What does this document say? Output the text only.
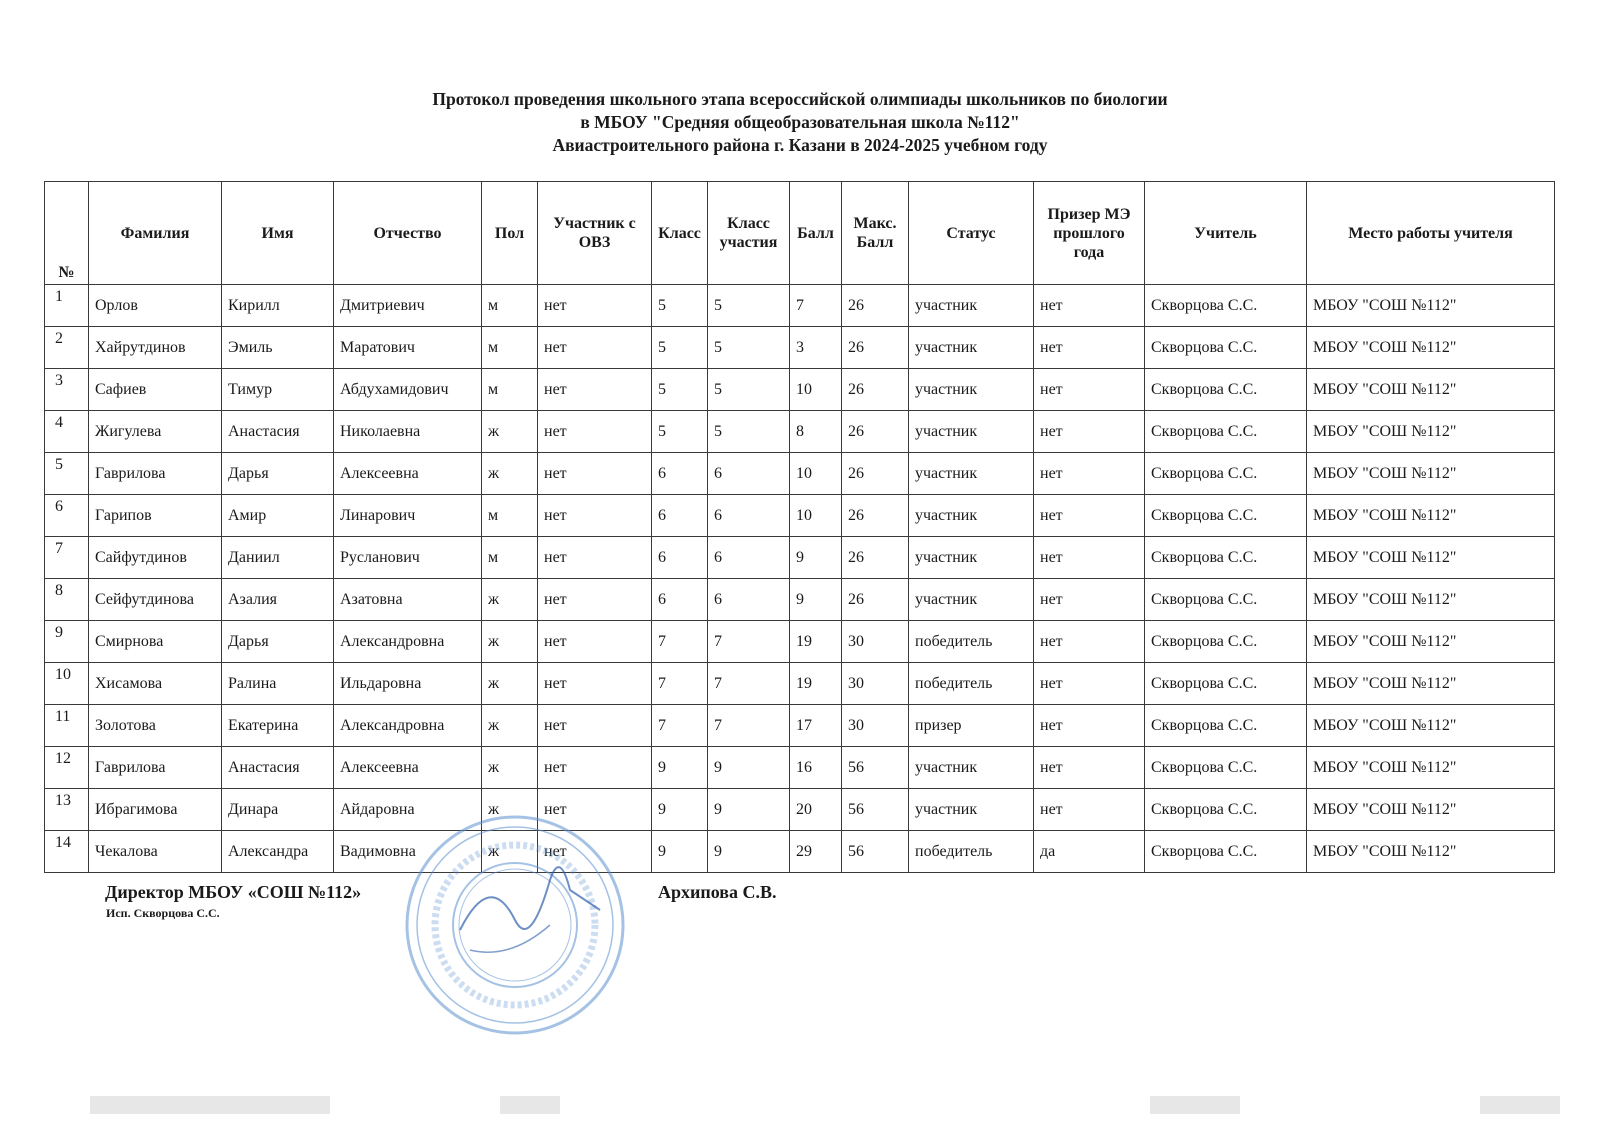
Протокол проведения школьного этапа всероссийской олимпиады школьников по биологии
в МБОУ "Средняя общеобразовательная школа №112"
Авиастроительного района г. Казани в 2024-2025 учебном году
№	Фамилия	Имя	Отчество	Пол	Участник с ОВЗ	Класс	Класс участия	Балл	Макс. Балл	Статус	Призер МЭ прошлого года	Учитель	Место работы учителя
1	Орлов	Кирилл	Дмитриевич	м	нет	5	5	7	26	участник	нет	Скворцова С.С.	МБОУ "СОШ №112"
2	Хайрутдинов	Эмиль	Маратович	м	нет	5	5	3	26	участник	нет	Скворцова С.С.	МБОУ "СОШ №112"
3	Сафиев	Тимур	Абдухамидович	м	нет	5	5	10	26	участник	нет	Скворцова С.С.	МБОУ "СОШ №112"
4	Жигулева	Анастасия	Николаевна	ж	нет	5	5	8	26	участник	нет	Скворцова С.С.	МБОУ "СОШ №112"
5	Гаврилова	Дарья	Алексеевна	ж	нет	6	6	10	26	участник	нет	Скворцова С.С.	МБОУ "СОШ №112"
6	Гарипов	Амир	Линарович	м	нет	6	6	10	26	участник	нет	Скворцова С.С.	МБОУ "СОШ №112"
7	Сайфутдинов	Даниил	Русланович	м	нет	6	6	9	26	участник	нет	Скворцова С.С.	МБОУ "СОШ №112"
8	Сейфутдинова	Азалия	Азатовна	ж	нет	6	6	9	26	участник	нет	Скворцова С.С.	МБОУ "СОШ №112"
9	Смирнова	Дарья	Александровна	ж	нет	7	7	19	30	победитель	нет	Скворцова С.С.	МБОУ "СОШ №112"
10	Хисамова	Ралина	Ильдаровна	ж	нет	7	7	19	30	победитель	нет	Скворцова С.С.	МБОУ "СОШ №112"
11	Золотова	Екатерина	Александровна	ж	нет	7	7	17	30	призер	нет	Скворцова С.С.	МБОУ "СОШ №112"
12	Гаврилова	Анастасия	Алексеевна	ж	нет	9	9	16	56	участник	нет	Скворцова С.С.	МБОУ "СОШ №112"
13	Ибрагимова	Динара	Айдаровна	ж	нет	9	9	20	56	участник	нет	Скворцова С.С.	МБОУ "СОШ №112"
14	Чекалова	Александра	Вадимовна	ж	нет	9	9	29	56	победитель	да	Скворцова С.С.	МБОУ "СОШ №112"
Директор МБОУ «СОШ №112»
Исп. Скворцова С.С.
Архипова С.В.
